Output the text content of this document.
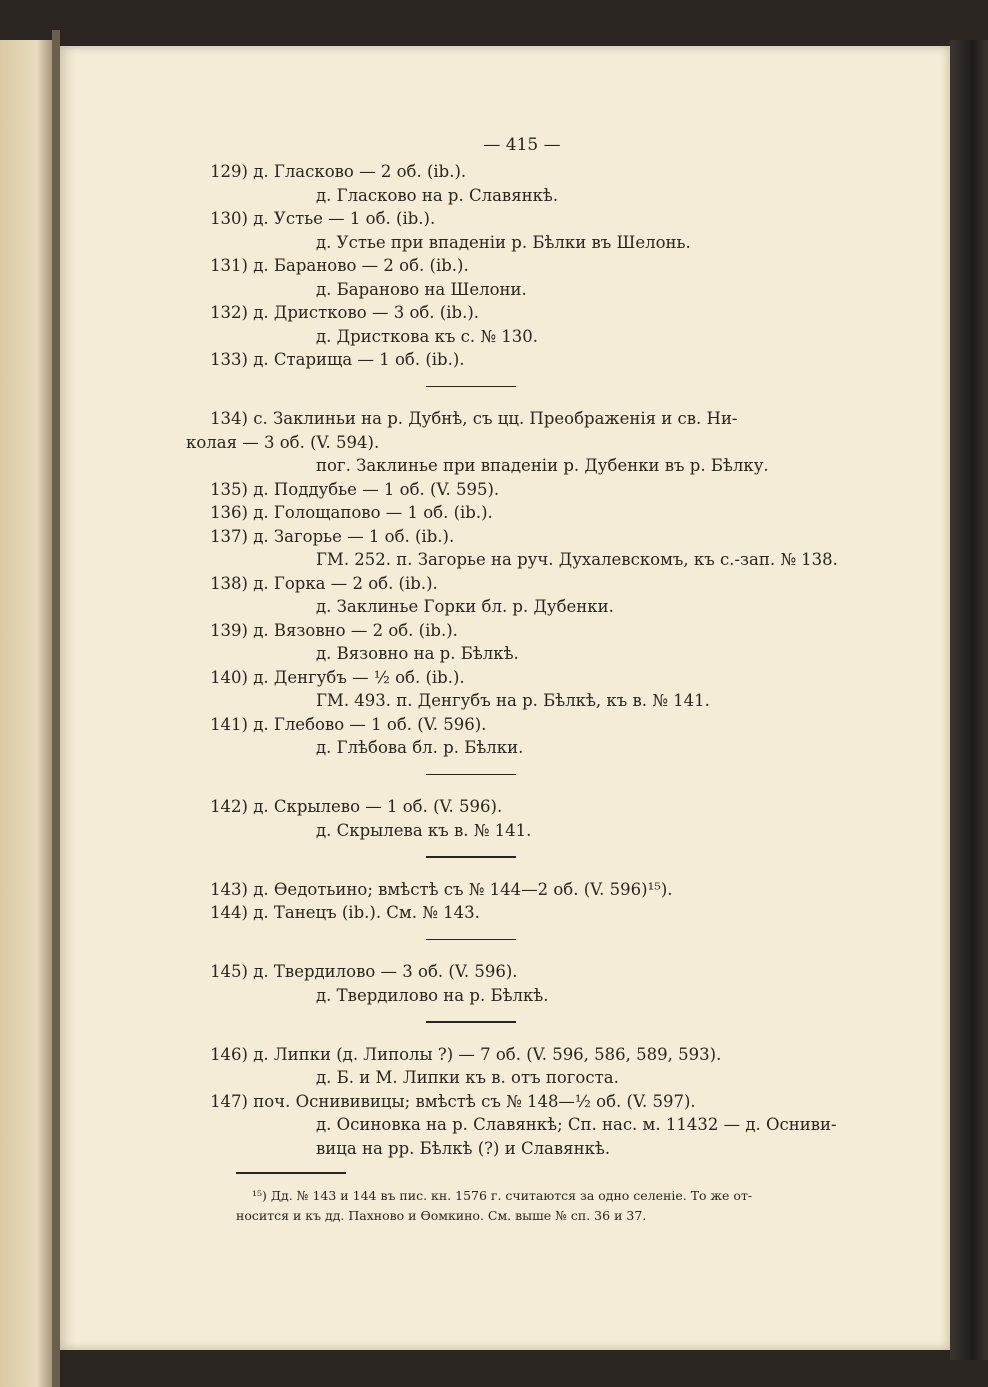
— 415 —
129) д. Гласково — 2 об. (ib.).
д. Гласково на р. Славянкѣ.
130) д. Устье — 1 об. (ib.).
д. Устье при впаденіи р. Бѣлки въ Шелонь.
131) д. Бараново — 2 об. (ib.).
д. Бараново на Шелони.
132) д. Дристково — 3 об. (ib.).
д. Дристкова къ с. № 130.
133) д. Старища — 1 об. (ib.).
134) с. Заклиньи на р. Дубнѣ, съ цц. Преображенія и св. Ни-
колая — 3 об. (V. 594).
пог. Заклинье при впаденіи р. Дубенки въ р. Бѣлку.
135) д. Поддубье — 1 об. (V. 595).
136) д. Голощапово — 1 об. (ib.).
137) д. Загорье — 1 об. (ib.).
ГМ. 252. п. Загорье на руч. Духалевскомъ, къ с.-зап. № 138.
138) д. Горка — 2 об. (ib.).
д. Заклинье Горки бл. р. Дубенки.
139) д. Вязовно — 2 об. (ib.).
д. Вязовно на р. Бѣлкѣ.
140) д. Денгубъ — ½ об. (ib.).
ГМ. 493. п. Денгубъ на р. Бѣлкѣ, къ в. № 141.
141) д. Глебово — 1 об. (V. 596).
д. Глѣбова бл. р. Бѣлки.
142) д. Скрылево — 1 об. (V. 596).
д. Скрылева къ в. № 141.
143) д. Ѳедотьино; вмѣстѣ съ № 144—2 об. (V. 596)¹⁵).
144) д. Танецъ (ib.). См. № 143.
145) д. Твердилово — 3 об. (V. 596).
д. Твердилово на р. Бѣлкѣ.
146) д. Липки (д. Липолы ?) — 7 об. (V. 596, 586, 589, 593).
д. Б. и М. Липки къ в. отъ погоста.
147) поч. Оснививицы; вмѣстѣ съ № 148—½ об. (V. 597).
д. Осиновка на р. Славянкѣ; Сп. нас. м. 11432 — д. Осниви-
вица на рр. Бѣлкѣ (?) и Славянкѣ.
¹⁵) Дд. № 143 и 144 въ пис. кн. 1576 г. считаются за одно селеніе. То же от-
носится и къ дд. Пахново и Ѳомкино. См. выше № сп. 36 и 37.
